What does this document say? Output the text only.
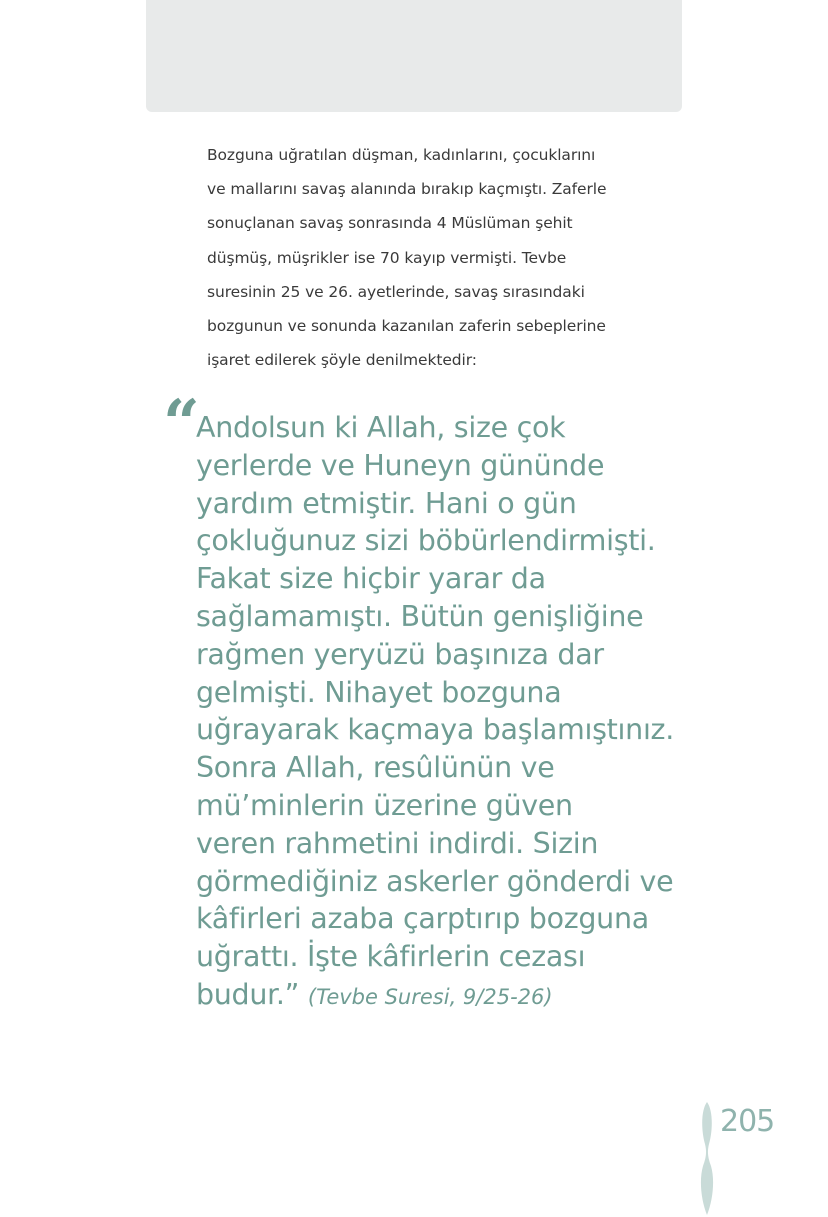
Bozguna uğratılan düşman, kadınlarını, çocuklarını
ve mallarını savaş alanında bırakıp kaçmıştı. Zaferle
sonuçlanan savaş sonrasında 4 Müslüman şehit
düşmüş, müşrikler ise 70 kayıp vermişti. Tevbe
suresinin 25 ve 26. ayetlerinde, savaş sırasındaki
bozgunun ve sonunda kazanılan zaferin sebeplerine
işaret edilerek şöyle denilmektedir:
“
Andolsun ki Allah, size çok
yerlerde ve Huneyn gününde
yardım etmiştir. Hani o gün
çokluğunuz sizi böbürlendirmişti.
Fakat size hiçbir yarar da
sağlamamıştı. Bütün genişliğine
rağmen yeryüzü başınıza dar
gelmişti. Nihayet bozguna
uğrayarak kaçmaya başlamıştınız.
Sonra Allah, resûlünün ve
mü’minlerin üzerine güven
veren rahmetini indirdi. Sizin
görmediğiniz askerler gönderdi ve
kâfirleri azaba çarptırıp bozguna
uğrattı. İşte kâfirlerin cezası
budur.” (Tevbe Suresi, 9/25-26)
205
